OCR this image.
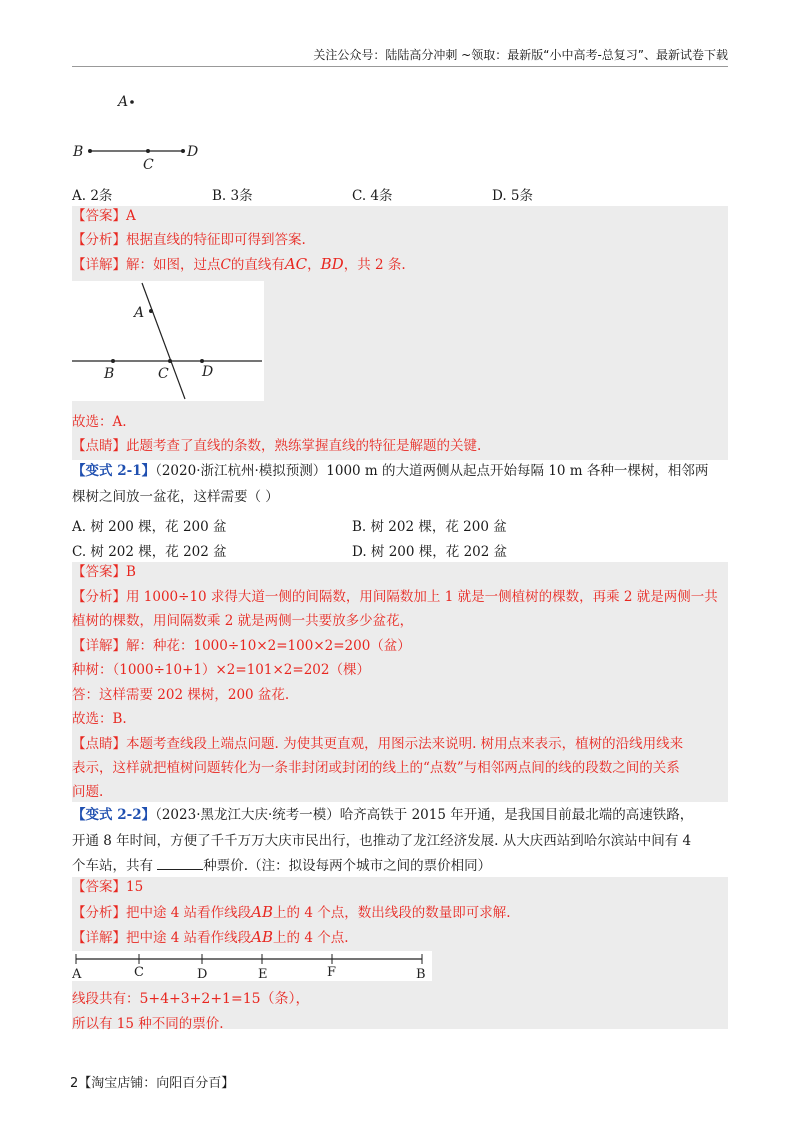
关注公众号：陆陆高分冲刺 ~领取：最新版“小中高考-总复习”、最新试卷下载
A
B
C
D
A. 2条	B. 3条	C. 4条	D. 5条
【答案】A
【分析】根据直线的特征即可得到答案.
【详解】解：如图，过点C的直线有AC，BD，共 2 条.
A
B	C D
故选：A.
【点睛】此题考查了直线的条数，熟练掌握直线的特征是解题的关键.
【变式 2-1】（2020·浙江杭州·模拟预测）1000 m 的大道两侧从起点开始每隔 10 m 各种一棵树，相邻两
棵树之间放一盆花，这样需要（ ）
A. 树 200 棵，花 200 盆	B. 树 202 棵，花 200 盆
C. 树 202 棵，花 202 盆	D. 树 200 棵，花 202 盆
【答案】B
【分析】用 1000÷10 求得大道一侧的间隔数，用间隔数加上 1 就是一侧植树的棵数，再乘 2 就是两侧一共
植树的棵数，用间隔数乘 2 就是两侧一共要放多少盆花，
【详解】解：种花：1000÷10×2=100×2=200（盆）
种树：（1000÷10+1）×2=101×2=202（棵）
答：这样需要 202 棵树，200 盆花.
故选：B.
【点睛】本题考查线段上端点问题. 为使其更直观，用图示法来说明. 树用点来表示，植树的沿线用线来
表示，这样就把植树问题转化为一条非封闭或封闭的线上的“点数”与相邻两点间的线的段数之间的关系
问题.
【变式 2-2】（2023·黑龙江大庆·统考一模）哈齐高铁于 2015 年开通，是我国目前最北端的高速铁路，
开通 8 年时间，方便了千千万万大庆市民出行，也推动了龙江经济发展. 从大庆西站到哈尔滨站中间有 4
个车站，共有	种票价.（注：拟设每两个城市之间的票价相同）
【答案】15
【分析】把中途 4 站看作线段AB上的 4 个点，数出线段的数量即可求解.
【详解】把中途 4 站看作线段AB上的 4 个点.
A	C	D	E	F	B
线段共有：5+4+3+2+1=15（条），
所以有 15 种不同的票价.
2【淘宝店铺：向阳百分百】
